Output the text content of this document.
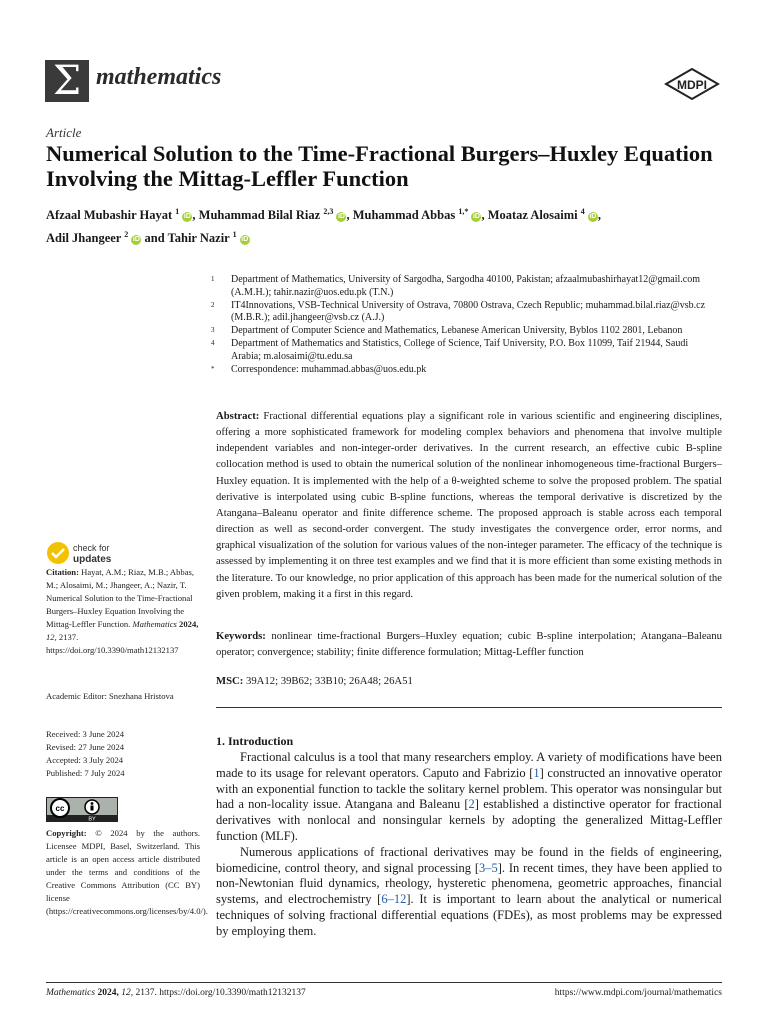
Σ mathematics	MDPI
Article
Numerical Solution to the Time-Fractional Burgers–Huxley Equation Involving the Mittag-Leffler Function
Afzaal Mubashir Hayat $^1$ iD , Muhammad Bilal Riaz $^{2,3}$ iD , Muhammad Abbas $^{1,*}$ iD , Moataz Alosaimi $^4$ iD ,
Adil Jhangeer $^2$ iD and Tahir Nazir $^1$ iD
1	Department of Mathematics, University of Sargodha, Sargodha 40100, Pakistan; afzaalmubashirhayat12@gmail.com (A.M.H.); tahir.nazir@uos.edu.pk (T.N.)
2	IT4Innovations, VSB-Technical University of Ostrava, 70800 Ostrava, Czech Republic; muhammad.bilal.riaz@vsb.cz (M.B.R.); adil.jhangeer@vsb.cz (A.J.)
3	Department of Computer Science and Mathematics, Lebanese American University, Byblos 1102 2801, Lebanon
4	Department of Mathematics and Statistics, College of Science, Taif University, P.O. Box 11099, Taif 21944, Saudi Arabia; m.alosaimi@tu.edu.sa
*	Correspondence: muhammad.abbas@uos.edu.pk
check for
updates
Citation: Hayat, A.M.; Riaz, M.B.; Abbas, M.; Alosaimi, M.; Jhangeer, A.; Nazir, T. Numerical Solution to the Time-Fractional Burgers–Huxley Equation Involving the Mittag-Leffler Function. Mathematics 2024, 12, 2137. https://doi.org/10.3390/math12132137
Academic Editor: Snezhana Hristova
Received: 3 June 2024
Revised: 27 June 2024
Accepted: 3 July 2024
Published: 7 July 2024
cc
BY
Copyright: © 2024 by the authors. Licensee MDPI, Basel, Switzerland. This article is an open access article distributed under the terms and conditions of the Creative Commons Attribution (CC BY) license (https://creativecommons.org/licenses/by/4.0/).
Abstract: Fractional differential equations play a significant role in various scientific and engineering disciplines, offering a more sophisticated framework for modeling complex behaviors and phenomena that involve multiple independent variables and non-integer-order derivatives. In the current research, an effective cubic B-spline collocation method is used to obtain the numerical solution of the nonlinear inhomogeneous time-fractional Burgers–Huxley equation. It is implemented with the help of a θ-weighted scheme to solve the proposed problem. The spatial derivative is interpolated using cubic B-spline functions, whereas the temporal derivative is discretized by the Atangana–Baleanu operator and finite difference scheme. The proposed approach is stable across each temporal direction as well as second-order convergent. The study investigates the convergence order, error norms, and graphical visualization of the solution for various values of the non-integer parameter. The efficacy of the technique is assessed by implementing it on three test examples and we find that it is more efficient than some existing methods in the literature. To our knowledge, no prior application of this approach has been made for the numerical solution of the given problem, making it a first in this regard.
Keywords: nonlinear time-fractional Burgers–Huxley equation; cubic B-spline interpolation; Atangana–Baleanu operator; convergence; stability; finite difference formulation; Mittag-Leffler function
MSC: 39A12; 39B62; 33B10; 26A48; 26A51
1. Introduction

Fractional calculus is a tool that many researchers employ. A variety of modifications have been made to its usage for relevant operators. Caputo and Fabrizio [1] constructed an innovative operator with an exponential function to tackle the solitary kernel problem. This operator was nonsingular but had a non-locality issue. Atangana and Baleanu [2] established a distinctive operator for fractional derivatives with nonlocal and nonsingular kernels by adopting the generalized Mittag-Leffler function (MLF).

Numerous applications of fractional derivatives may be found in the fields of engineering, biomedicine, control theory, and signal processing [3–5]. In recent times, they have been applied to non-Newtonian fluid dynamics, rheology, hysteretic phenomena, geometric approaches, financial systems, and electrochemistry [6–12]. It is important to learn about the analytical or numerical techniques of solving fractional differential equations (FDEs), as most problems may be expressed by employing them.

Mathematics 2024, 12, 2137. https://doi.org/10.3390/math12132137	https://www.mdpi.com/journal/mathematics
